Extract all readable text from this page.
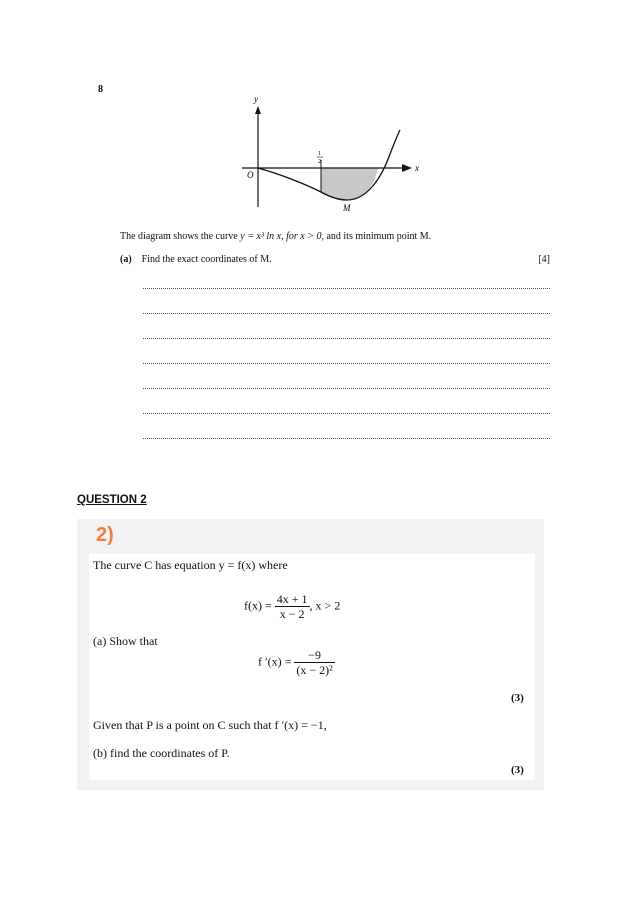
8
y
x
O
1
2
M
The diagram shows the curve y = x³ ln x, for x > 0, and its minimum point M.
(a) Find the exact coordinates of M.	[4]
QUESTION 2
2)
The curve C has equation y = f(x) where
$f(x) = \frac{4x + 1}{x - 2}$ , x > 2
(a) Show that
f $'(x) = \frac{-9}{\text{(x − 2)²}}$
(3)
Given that P is a point on C such that f ′(x) = −1,
(b) find the coordinates of P.
(3)
